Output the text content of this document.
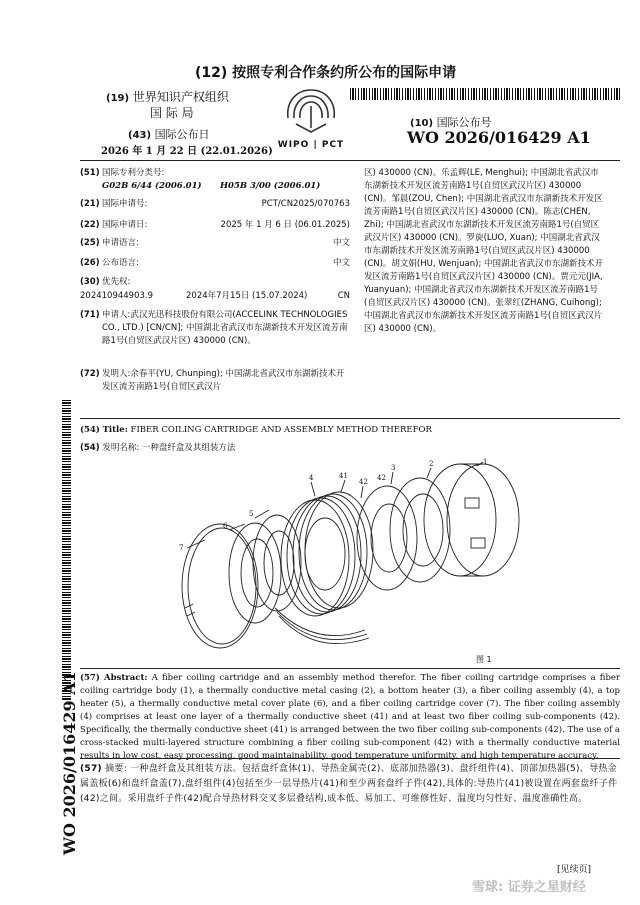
(12) 按照专利合作条约所公布的国际申请
(19) 世界知识产权组织
国 际 局
(43) 国际公布日
2026 年 1 月 22 日 (22.01.2026)
WIPO | PCT
(10) 国际公布号
WO 2026/016429 A1
(51) 国际专利分类号:
G02B 6/44 (2006.01) H05B 3/00 (2006.01)
(21) 国际申请号:	PCT/CN2025/070763
(22) 国际申请日:	2025 年 1 月 6 日 (06.01.2025)
(25) 申请语言:	中文
(26) 公布语言:	中文
(30) 优先权:
202410944903.9	2024年7月15日 (15.07.2024)	CN
(71) 申请人:武汉光迅科技股份有限公司(ACCELINK TECHNOLOGIES CO., LTD.) [CN/CN]; 中国湖北省武汉市东湖新技术开发区流芳南路1号(自贸区武汉片区) 430000 (CN)。
(72) 发明人:余春平(YU, Chunping); 中国湖北省武汉市东湖新技术开发区流芳南路1号(自贸区武汉片
区) 430000 (CN)。乐孟辉(LE, Menghui); 中国湖北省武汉市东湖新技术开发区流芳南路1号(自贸区武汉片区) 430000 (CN)。邹晨(ZOU, Chen); 中国湖北省武汉市东湖新技术开发区流芳南路1号(自贸区武汉片区) 430000 (CN)。陈志(CHEN, Zhi); 中国湖北省武汉市东湖新技术开发区流芳南路1号(自贸区武汉片区) 430000 (CN)。罗旋(LUO, Xuan); 中国湖北省武汉市东湖新技术开发区流芳南路1号(自贸区武汉片区) 430000 (CN)。胡文娟(HU, Wenjuan); 中国湖北省武汉市东湖新技术开发区流芳南路1号(自贸区武汉片区) 430000 (CN)。贾元元(JIA, Yuanyuan); 中国湖北省武汉市东湖新技术开发区流芳南路1号(自贸区武汉片区) 430000 (CN)。张翠红(ZHANG, Cuihong); 中国湖北省武汉市东湖新技术开发区流芳南路1号(自贸区武汉片区) 430000 (CN)。
WO 2026/016429 A1
(54) Title: FIBER COILING CARTRIDGE AND ASSEMBLY METHOD THEREFOR
(54) 发明名称: 一种盘纤盒及其组装方法
7
6
5
4	41
42 42
3	2	1
图 1
(57) Abstract: A fiber coiling cartridge and an assembly method therefor. The fiber coiling cartridge comprises a fiber coiling cartridge body (1), a thermally conductive metal casing (2), a bottom heater (3), a fiber coiling assembly (4), a top heater (5), a thermally conductive metal cover plate (6), and a fiber coiling cartridge cover (7). The fiber coiling assembly (4) comprises at least one layer of a thermally conductive sheet (41) and at least two fiber coiling sub-components (42). Specifically, the thermally conductive sheet (41) is arranged between the two fiber coiling sub-components (42). The use of a cross-stacked multi-layered structure combining a fiber coiling sub-component (42) with a thermally conductive material results in low cost, easy processing, good maintainability, good temperature uniformity, and high temperature accuracy.
(57) 摘要: 一种盘纤盒及其组装方法。包括盘纤盒体(1)、导热金属壳(2)、底部加热器(3)、盘纤组件(4)、顶部加热器(5)、导热金属盖板(6)和盘纤盒盖(7),盘纤组件(4)包括至少一层导热片(41)和至少两套盘纤子件(42),具体的:导热片(41)被设置在两套盘纤子件(42)之间。采用盘纤子件(42)配合导热材料交叉多层叠结构,成本低、易加工、可维修性好、温度均匀性好、温度准确性高。
[见续页]
雪球: 证券之星财经
